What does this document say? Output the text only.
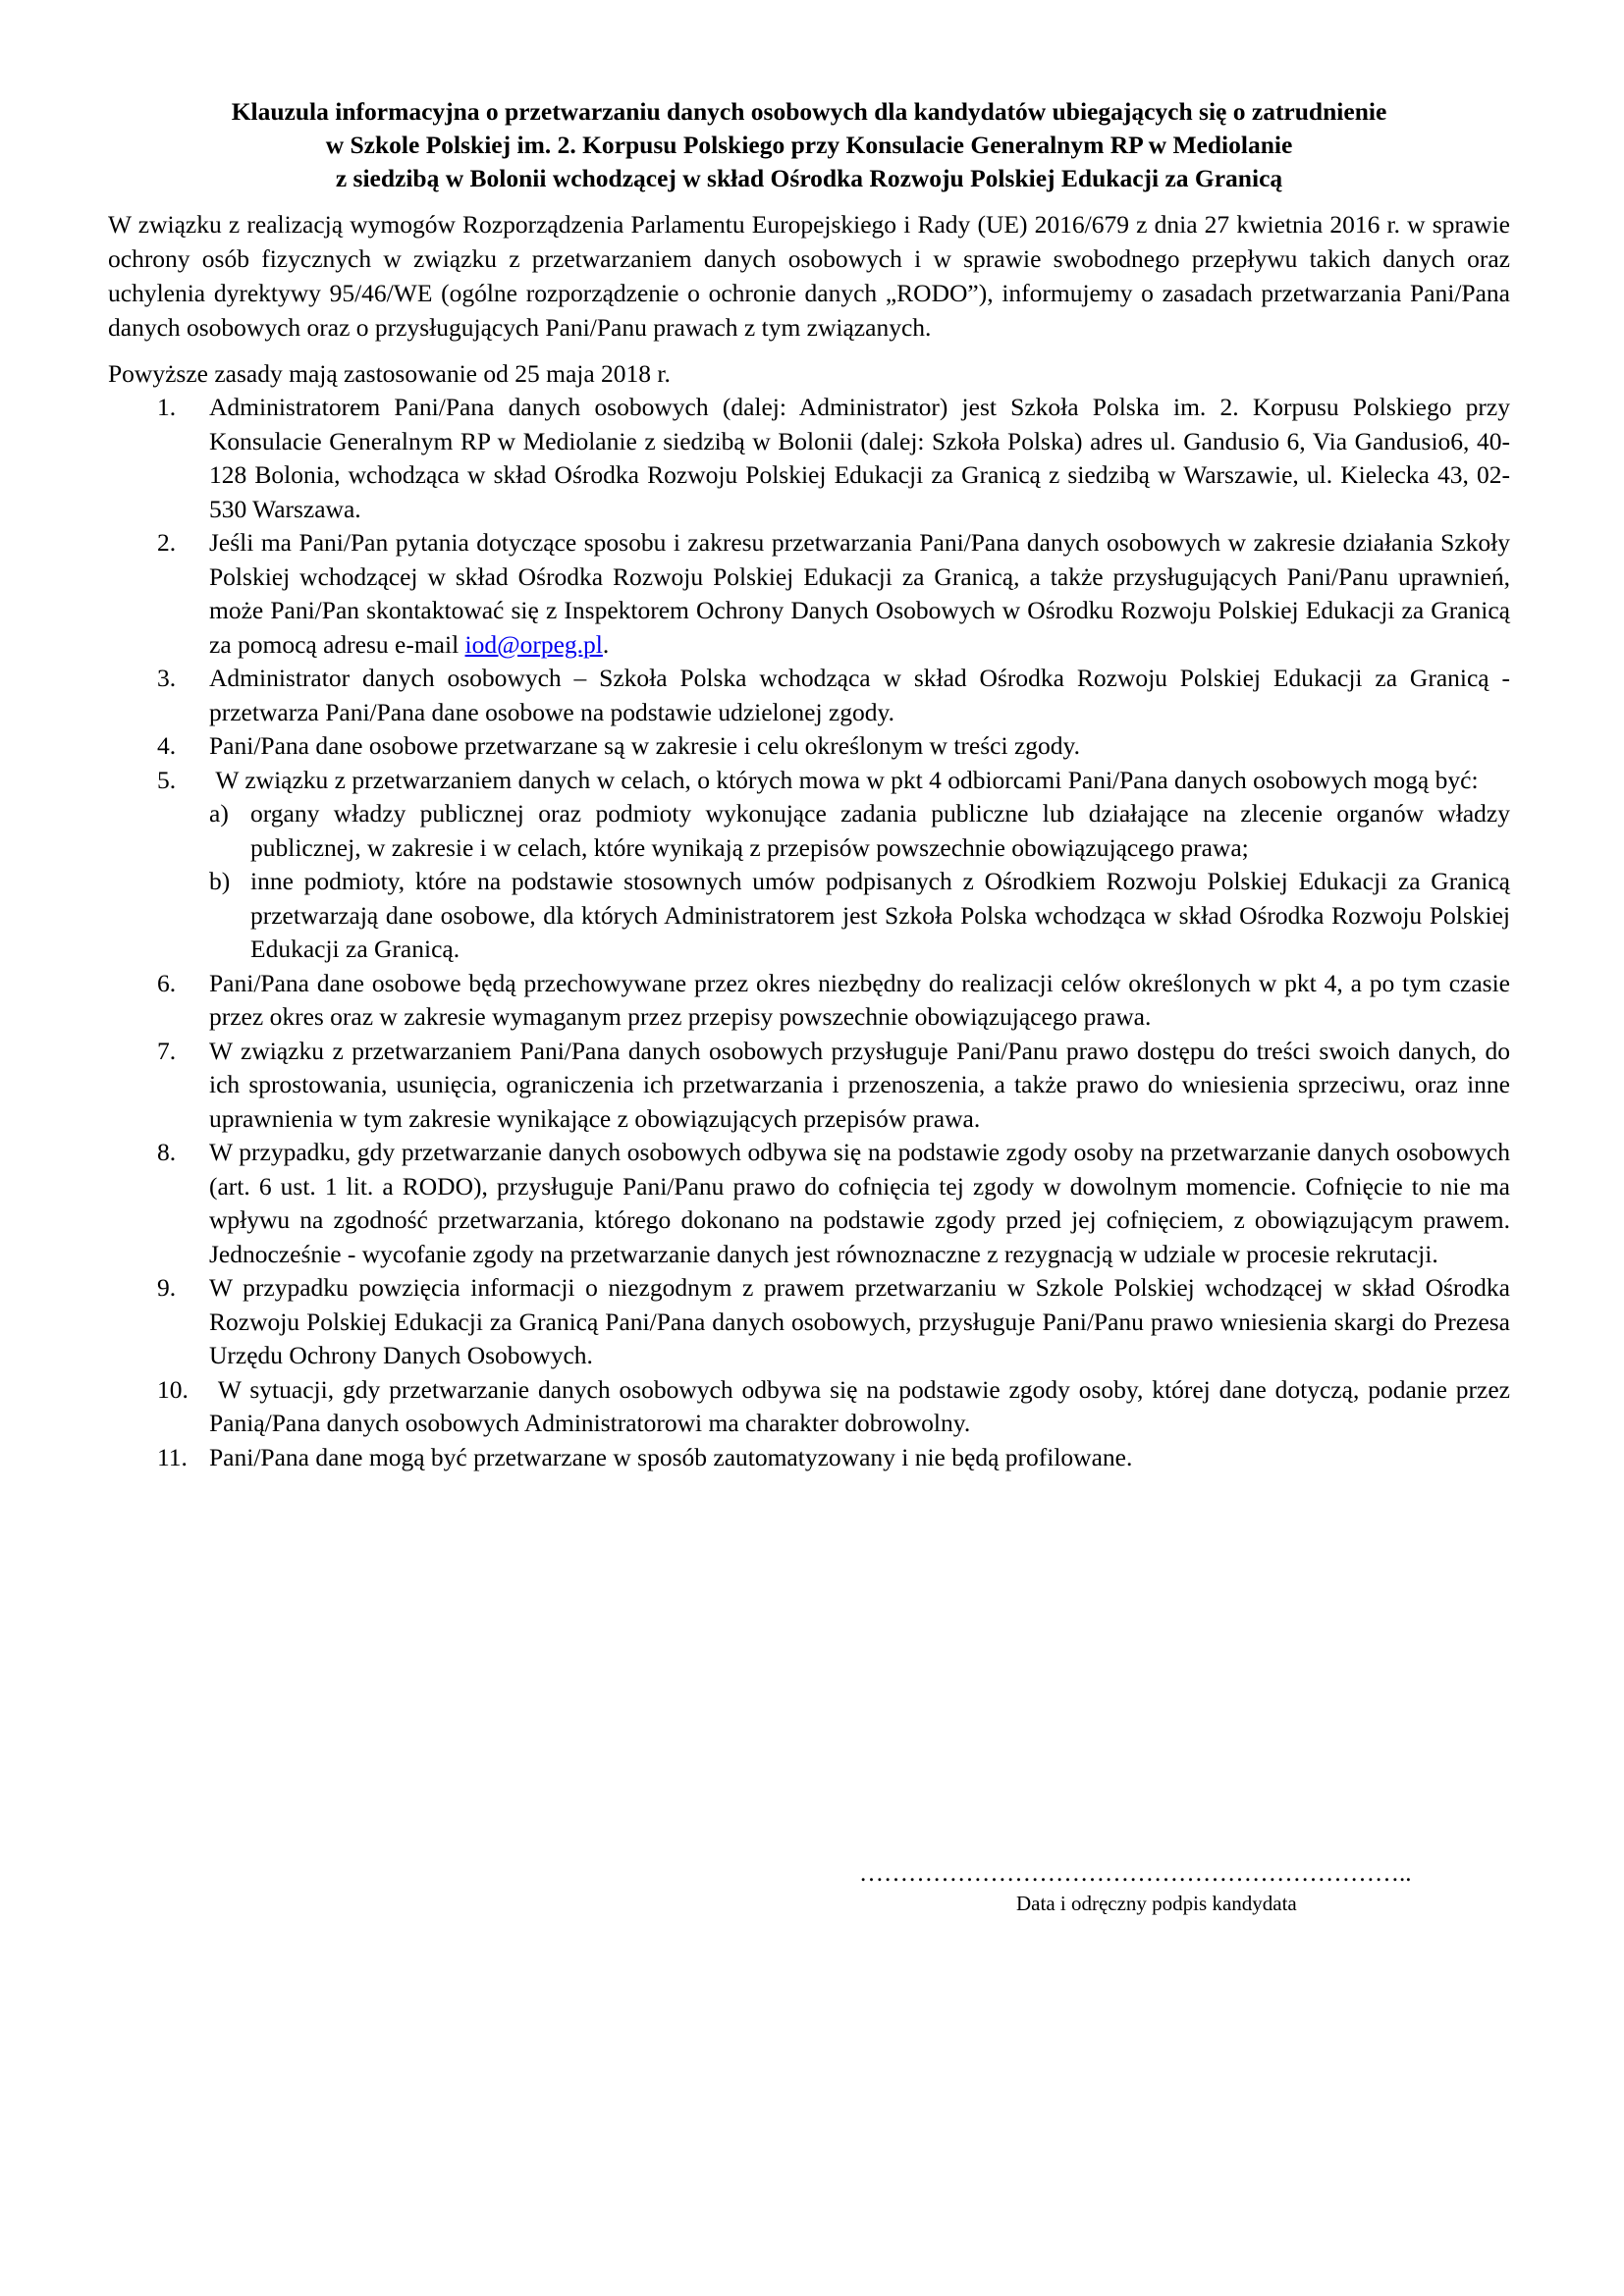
Klauzula informacyjna o przetwarzaniu danych osobowych dla kandydatów ubiegających się o zatrudnienie
w Szkole Polskiej im. 2. Korpusu Polskiego przy Konsulacie Generalnym RP w Mediolanie
z siedzibą w Bolonii wchodzącej w skład Ośrodka Rozwoju Polskiej Edukacji za Granicą

W związku z realizacją wymogów Rozporządzenia Parlamentu Europejskiego i Rady (UE) 2016/679 z dnia 27 kwietnia 2016 r. w sprawie ochrony osób fizycznych w związku z przetwarzaniem danych osobowych i w sprawie swobodnego przepływu takich danych oraz uchylenia dyrektywy 95/46/WE (ogólne rozporządzenie o ochronie danych „RODO”), informujemy o zasadach przetwarzania Pani/Pana danych osobowych oraz o przysługujących Pani/Panu prawach z tym związanych.

Powyższe zasady mają zastosowanie od 25 maja 2018 r.

1. Administratorem Pani/Pana danych osobowych (dalej: Administrator) jest Szkoła Polska im. 2. Korpusu Polskiego przy Konsulacie Generalnym RP w Mediolanie z siedzibą w Bolonii (dalej: Szkoła Polska) adres ul. Gandusio 6, Via Gandusio6, 40-128 Bolonia, wchodząca w skład Ośrodka Rozwoju Polskiej Edukacji za Granicą z siedzibą w Warszawie, ul. Kielecka 43, 02-530 Warszawa.
2. Jeśli ma Pani/Pan pytania dotyczące sposobu i zakresu przetwarzania Pani/Pana danych osobowych w zakresie działania Szkoły Polskiej wchodzącej w skład Ośrodka Rozwoju Polskiej Edukacji za Granicą, a także przysługujących Pani/Panu uprawnień, może Pani/Pan skontaktować się z Inspektorem Ochrony Danych Osobowych w Ośrodku Rozwoju Polskiej Edukacji za Granicą za pomocą adresu e-mail iod@orpeg.pl.
3. Administrator danych osobowych – Szkoła Polska wchodząca w skład Ośrodka Rozwoju Polskiej Edukacji za Granicą - przetwarza Pani/Pana dane osobowe na podstawie udzielonej zgody.
4. Pani/Pana dane osobowe przetwarzane są w zakresie i celu określonym w treści zgody.
5. W związku z przetwarzaniem danych w celach, o których mowa w pkt 4 odbiorcami Pani/Pana danych osobowych mogą być:
a) organy władzy publicznej oraz podmioty wykonujące zadania publiczne lub działające na zlecenie organów władzy publicznej, w zakresie i w celach, które wynikają z przepisów powszechnie obowiązującego prawa;
b) inne podmioty, które na podstawie stosownych umów podpisanych z Ośrodkiem Rozwoju Polskiej Edukacji za Granicą przetwarzają dane osobowe, dla których Administratorem jest Szkoła Polska wchodząca w skład Ośrodka Rozwoju Polskiej Edukacji za Granicą.
6. Pani/Pana dane osobowe będą przechowywane przez okres niezbędny do realizacji celów określonych w pkt 4, a po tym czasie przez okres oraz w zakresie wymaganym przez przepisy powszechnie obowiązującego prawa.
7. W związku z przetwarzaniem Pani/Pana danych osobowych przysługuje Pani/Panu prawo dostępu do treści swoich danych, do ich sprostowania, usunięcia, ograniczenia ich przetwarzania i przenoszenia, a także prawo do wniesienia sprzeciwu, oraz inne uprawnienia w tym zakresie wynikające z obowiązujących przepisów prawa.
8. W przypadku, gdy przetwarzanie danych osobowych odbywa się na podstawie zgody osoby na przetwarzanie danych osobowych (art. 6 ust. 1 lit. a RODO), przysługuje Pani/Panu prawo do cofnięcia tej zgody w dowolnym momencie. Cofnięcie to nie ma wpływu na zgodność przetwarzania, którego dokonano na podstawie zgody przed jej cofnięciem, z obowiązującym prawem. Jednocześnie - wycofanie zgody na przetwarzanie danych jest równoznaczne z rezygnacją w udziale w procesie rekrutacji.
9. W przypadku powzięcia informacji o niezgodnym z prawem przetwarzaniu w Szkole Polskiej wchodzącej w skład Ośrodka Rozwoju Polskiej Edukacji za Granicą Pani/Pana danych osobowych, przysługuje Pani/Panu prawo wniesienia skargi do Prezesa Urzędu Ochrony Danych Osobowych.
10. W sytuacji, gdy przetwarzanie danych osobowych odbywa się na podstawie zgody osoby, której dane dotyczą, podanie przez Panią/Pana danych osobowych Administratorowi ma charakter dobrowolny.
11. Pani/Pana dane mogą być przetwarzane w sposób zautomatyzowany i nie będą profilowane.
…………………………………………………………..
Data i odręczny podpis kandydata
